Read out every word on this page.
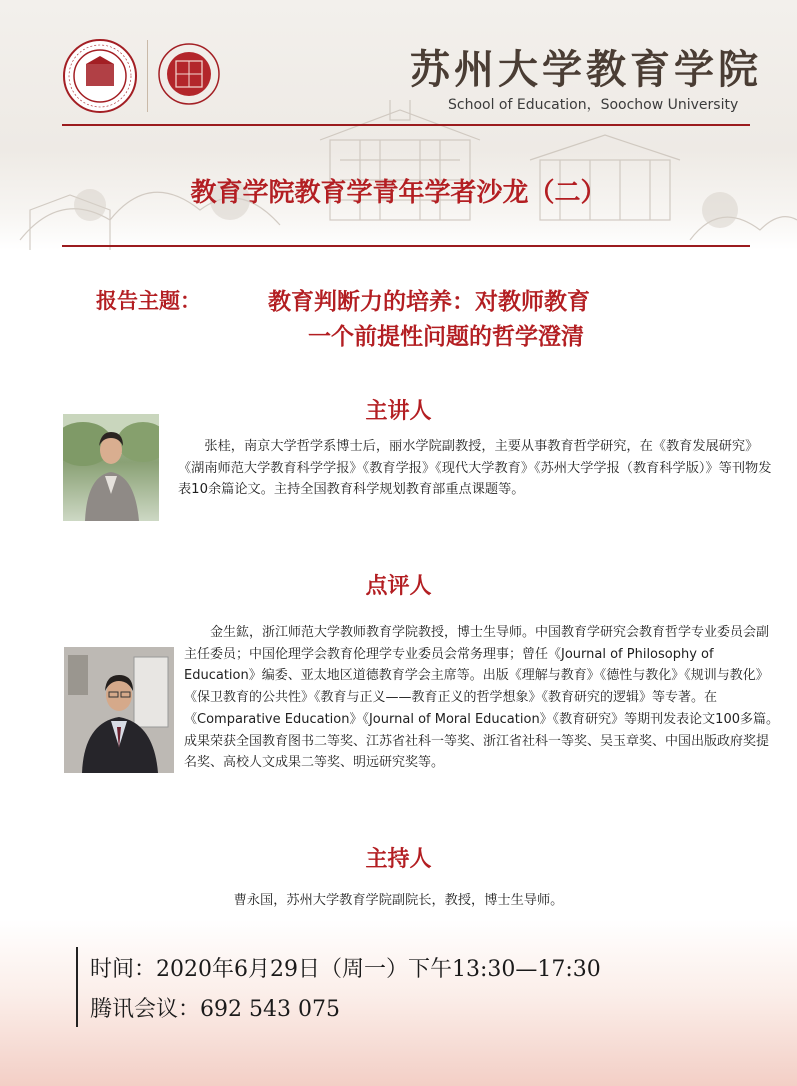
苏州大学教育学院
School of Education，Soochow University
教育学院教育学青年学者沙龙（二）
报告主题：	教育判断力的培养：对教师教育
一个前提性问题的哲学澄清
主讲人
张桂，南京大学哲学系博士后，丽水学院副教授，主要从事教育哲学研究，在《教育发展研究》《湖南师范大学教育科学学报》《教育学报》《现代大学教育》《苏州大学学报（教育科学版）》等刊物发表10余篇论文。主持全国教育科学规划教育部重点课题等。
点评人
金生鈜，浙江师范大学教师教育学院教授，博士生导师。中国教育学研究会教育哲学专业委员会副主任委员；中国伦理学会教育伦理学专业委员会常务理事；曾任《Journal of Philosophy of Education》编委、亚太地区道德教育学会主席等。出版《理解与教育》《德性与教化》《规训与教化》《保卫教育的公共性》《教育与正义——教育正义的哲学想象》《教育研究的逻辑》等专著。在《Comparative Education》《Journal of Moral Education》《教育研究》等期刊发表论文100多篇。成果荣获全国教育图书二等奖、江苏省社科一等奖、浙江省社科一等奖、吴玉章奖、中国出版政府奖提名奖、高校人文成果二等奖、明远研究奖等。
主持人
曹永国，苏州大学教育学院副院长，教授，博士生导师。
时间：2020年6月29日（周一）下午13:30—17:30
腾讯会议：692 543 075
